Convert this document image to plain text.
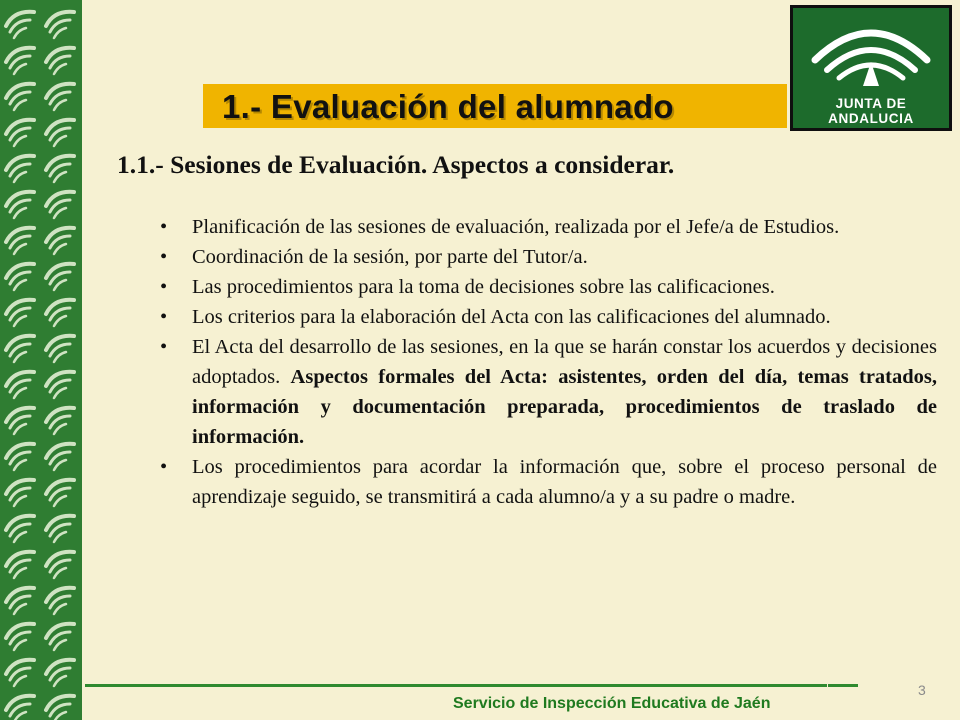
1.- Evaluación del alumnado	JUNTA DE ANDALUCIA
1.1.- Sesiones de Evaluación. Aspectos a considerar.
• Planificación de las sesiones de evaluación, realizada por el Jefe/a de Estudios.
• Coordinación de la sesión, por parte del Tutor/a.
• Las procedimientos para la toma de decisiones sobre las calificaciones.
• Los criterios para la elaboración del Acta con las calificaciones del alumnado.
• El Acta del desarrollo de las sesiones, en la que se harán constar los acuerdos y decisiones adoptados. Aspectos formales del Acta: asistentes, orden del día, temas tratados, información y documentación preparada, procedimientos de traslado de información.
• Los procedimientos para acordar la información que, sobre el proceso personal de aprendizaje seguido, se transmitirá a cada alumno/a y a su padre o madre.
Servicio de Inspección Educativa de Jaén
3
